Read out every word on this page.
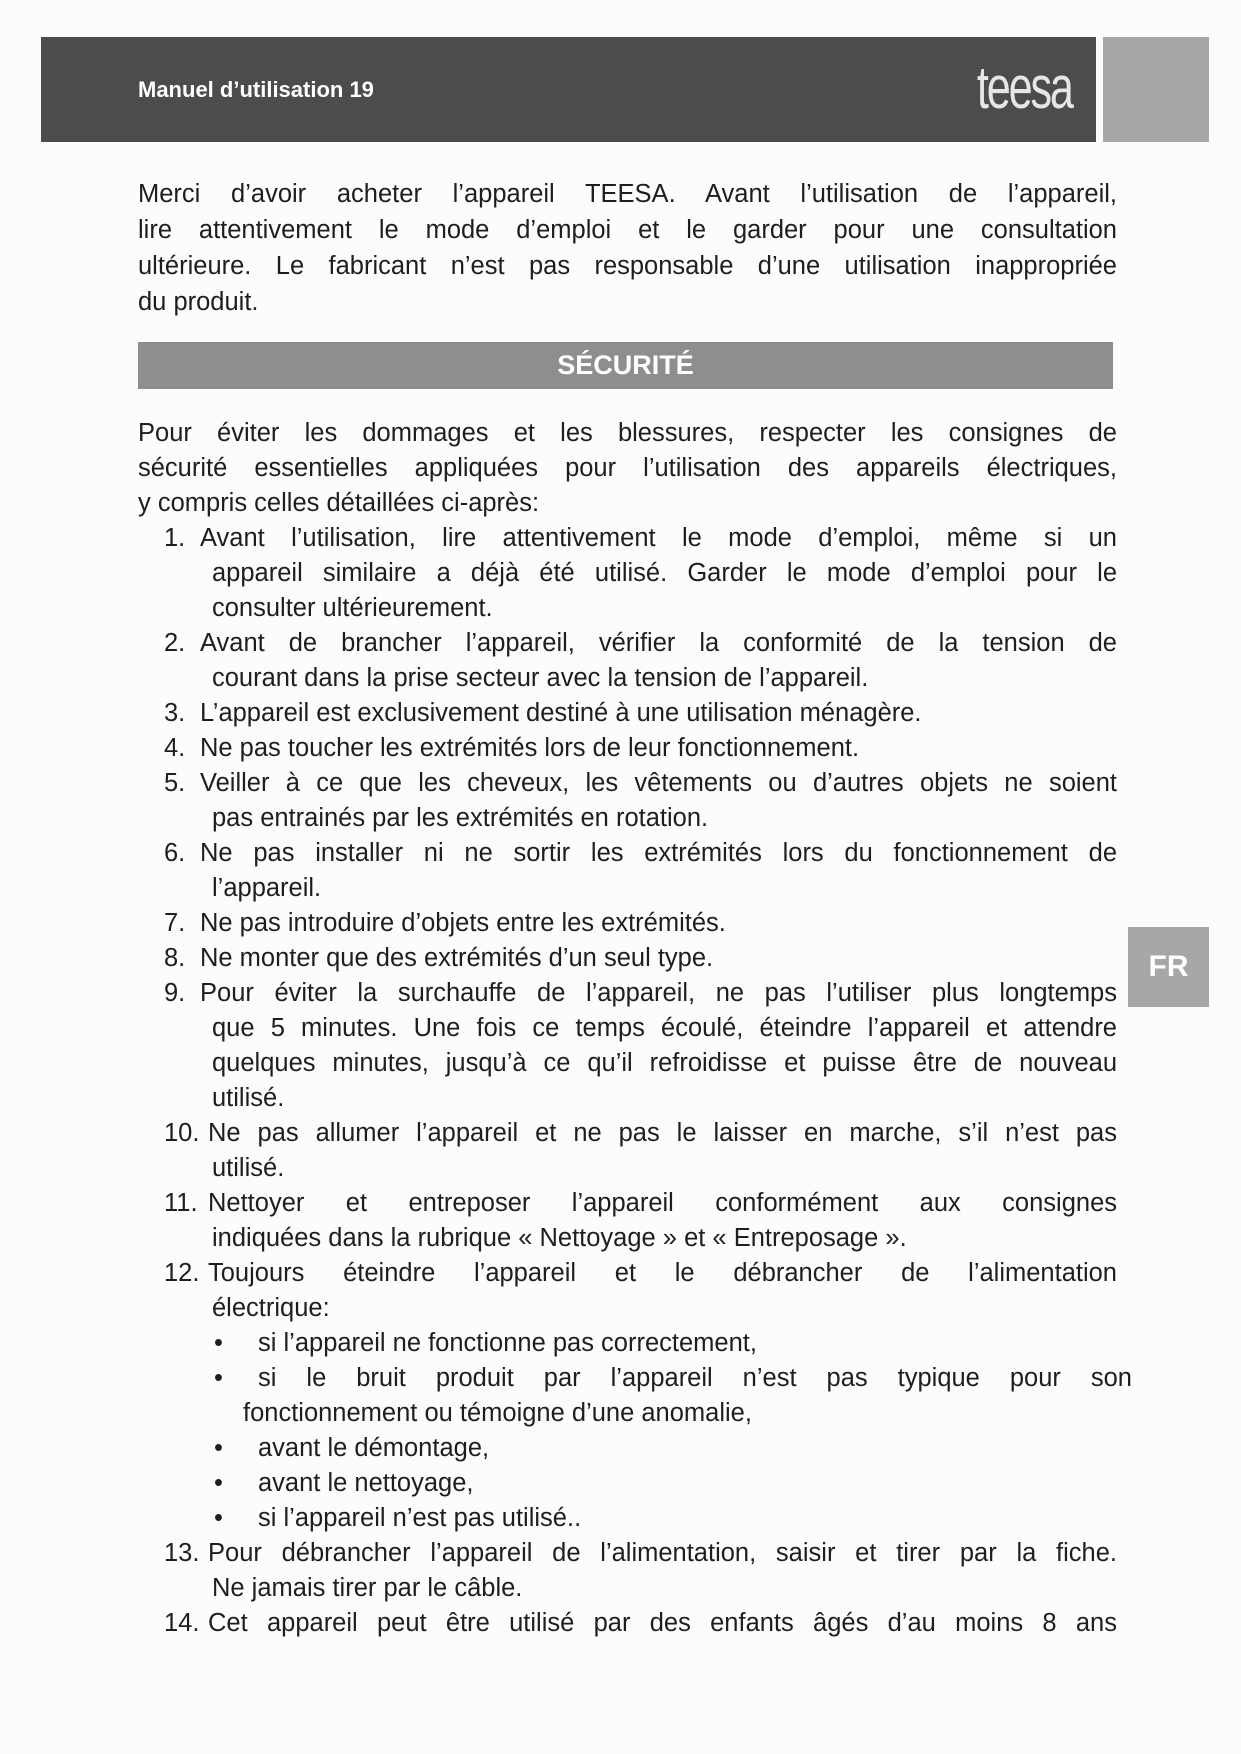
Manuel d’utilisation 19	teesa
FR
SÉCURITÉ
Merci d’avoir acheter l’appareil TEESA. Avant l’utilisation de l’appareil,
lire attentivement le mode d’emploi et le garder pour une consultation
ultérieure. Le fabricant n’est pas responsable d’une utilisation inappropriée
du produit.
Pour éviter les dommages et les blessures, respecter les consignes de
sécurité essentielles appliquées pour l’utilisation des appareils électriques,
y compris celles détaillées ci-après:
1. Avant l’utilisation, lire attentivement le mode d’emploi, même si un
appareil similaire a déjà été utilisé. Garder le mode d’emploi pour le
consulter ultérieurement.
2. Avant de brancher l’appareil, vérifier la conformité de la tension de
courant dans la prise secteur avec la tension de l’appareil.
3. L’appareil est exclusivement destiné à une utilisation ménagère.
4. Ne pas toucher les extrémités lors de leur fonctionnement.
5. Veiller à ce que les cheveux, les vêtements ou d’autres objets ne soient
pas entrainés par les extrémités en rotation.
6. Ne pas installer ni ne sortir les extrémités lors du fonctionnement de
l’appareil.
7. Ne pas introduire d’objets entre les extrémités.
8. Ne monter que des extrémités d’un seul type.
9. Pour éviter la surchauffe de l’appareil, ne pas l’utiliser plus longtemps
que 5 minutes. Une fois ce temps écoulé, éteindre l’appareil et attendre
quelques minutes, jusqu’à ce qu’il refroidisse et puisse être de nouveau
utilisé.
10. Ne pas allumer l’appareil et ne pas le laisser en marche, s’il n’est pas
utilisé.
11. Nettoyer et entreposer l’appareil conformément aux consignes
indiquées dans la rubrique « Nettoyage » et « Entreposage ».
12. Toujours éteindre l’appareil et le débrancher de l’alimentation
électrique:
• si l’appareil ne fonctionne pas correctement,
• si le bruit produit par l’appareil n’est pas typique pour son
fonctionnement ou témoigne d’une anomalie,
• avant le démontage,
• avant le nettoyage,
• si l’appareil n’est pas utilisé..
13. Pour débrancher l’appareil de l’alimentation, saisir et tirer par la fiche.
Ne jamais tirer par le câble.
14. Cet appareil peut être utilisé par des enfants âgés d’au moins 8 ans
